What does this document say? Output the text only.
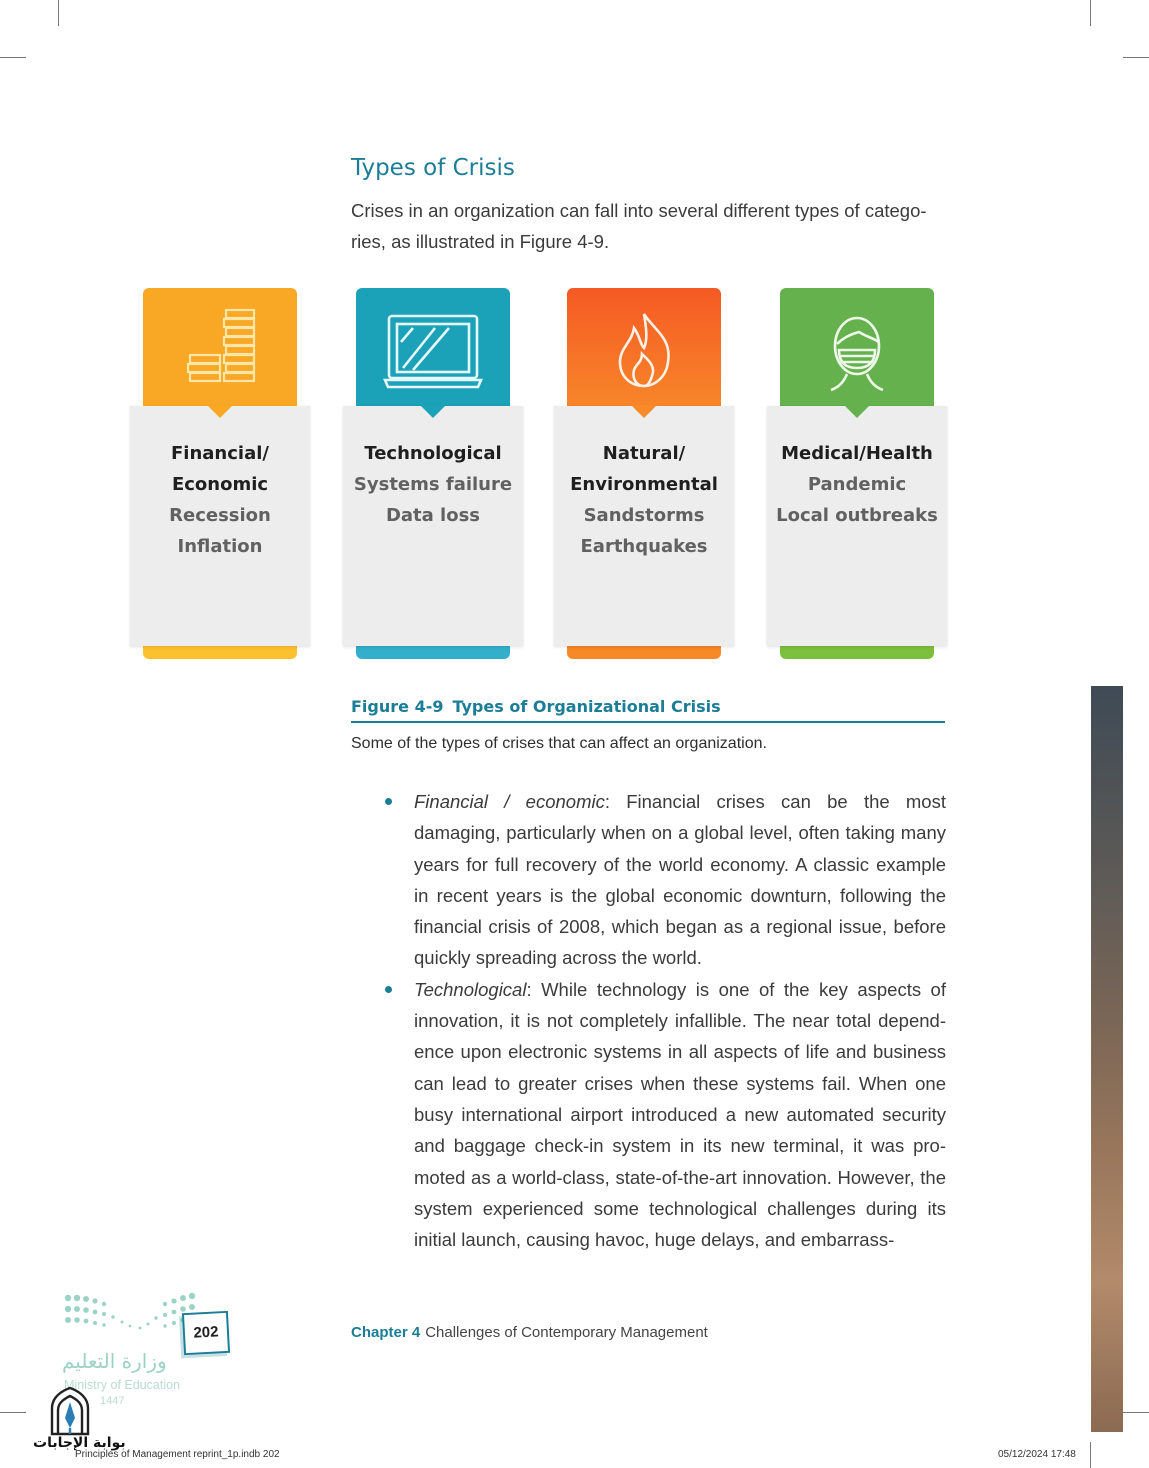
Types of Crisis

Crises in an organization can fall into several different types of categories, as illustrated in Figure 4-9.

Financial/
Economic
Recession
Inflation
Technological
Systems failure
Data loss
Natural/
Environmental
Sandstorms
Earthquakes
Medical/Health
Pandemic
Local outbreaks
Figure 4-9 Types of Organizational Crisis

Some of the types of crises that can affect an organization.

Financial / economic: Financial crises can be the most damaging, particularly when on a global level, often taking many years for full recovery of the world economy. A classic example in recent years is the global economic downturn, following the financial crisis of 2008, which began as a regional issue, before quickly spreading across the world.
Technological: While technology is one of the key aspects of innovation, it is not completely infallible. The near total dependence upon electronic systems in all aspects of life and business can lead to greater crises when these systems fail. When one busy international airport introduced a new automated security and baggage check-in system in its new terminal, it was promoted as a world-class, state-of-the-art innovation. However, the system experienced some technological challenges during its initial launch, causing havoc, huge delays, and embarrass-
202
وزارة التعليم
Ministry of Education
1447
Chapter 4 Challenges of Contemporary Management
بوابة الإجابات
Principles of Management reprint_1p.indb 202	05/12/2024 17:48
